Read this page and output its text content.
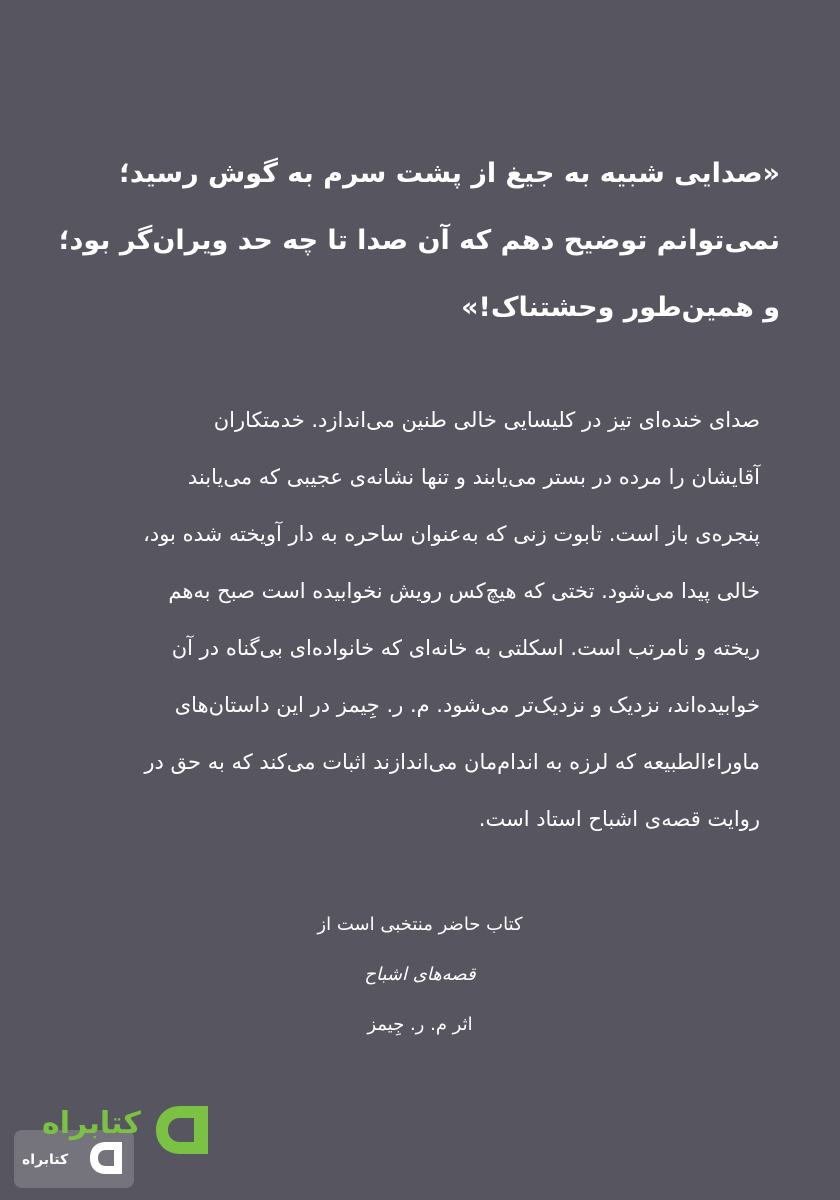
«صدایی شبیه به جیغ از پشت سرم به گوش رسید؛
نمی‌توانم توضیح دهم که آن صدا تا چه حد ویران‌گر بود؛
و همین‌طور وحشتناک!»
صدای خنده‌ای تیز در کلیسایی خالی طنین می‌اندازد. خدمتکاران
آقایشان را مرده در بستر می‌یابند و تنها نشانه‌ی عجیبی که می‌یابند
پنجره‌ی باز است. تابوت زنی که به‌عنوان ساحره به دار آویخته شده بود،
خالی پیدا می‌شود. تختی که هیچ‌کس رویش نخوابیده است صبح به‌هم
ریخته و نامرتب است. اسکلتی به خانه‌ای که خانواده‌ای بی‌گناه در آن
خوابیده‌اند، نزدیک و نزدیک‌تر می‌شود. م. ر. جِیمز در این داستان‌های
ماوراءالطبیعه که لرزه به اندام‌مان می‌اندازند اثبات می‌کند که به حق در
روایت قصه‌ی اشباح استاد است.
کتاب حاضر منتخبی است از
قصه‌های اشباح
اثر م. ر. جِیمز
کتابراه
کتابراه
